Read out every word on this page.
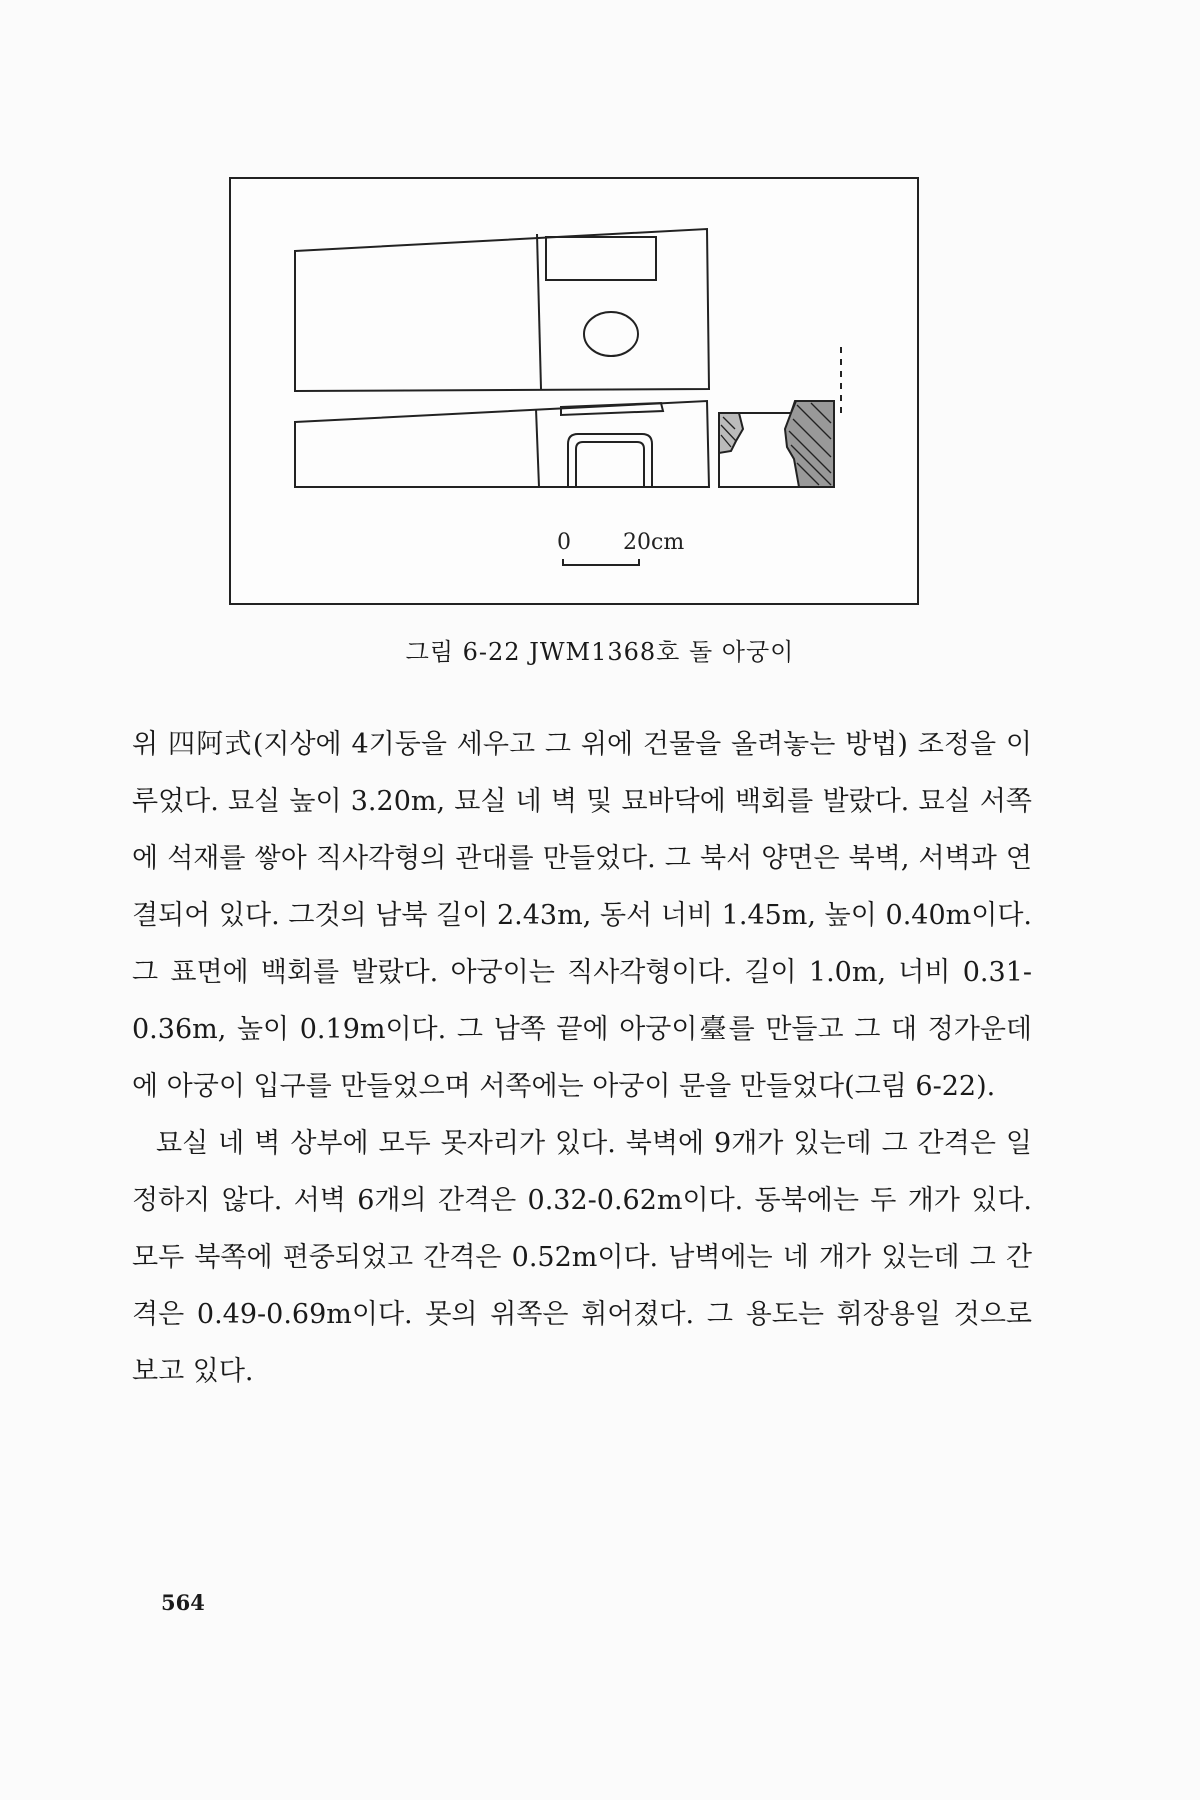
0 20cm
그림 6-22 JWM1368호 돌 아궁이

위 四阿式(지상에 4기둥을 세우고 그 위에 건물을 올려놓는 방법) 조정을 이루었다. 묘실 높이 3.20m, 묘실 네 벽 및 묘바닥에 백회를 발랐다. 묘실 서쪽에 석재를 쌓아 직사각형의 관대를 만들었다. 그 북서 양면은 북벽, 서벽과 연결되어 있다. 그것의 남북 길이 2.43m, 동서 너비 1.45m, 높이 0.40m이다. 그 표면에 백회를 발랐다. 아궁이는 직사각형이다. 길이 1.0m, 너비 0.31-0.36m, 높이 0.19m이다. 그 남쪽 끝에 아궁이臺를 만들고 그 대 정가운데에 아궁이 입구를 만들었으며 서쪽에는 아궁이 문을 만들었다(그림 6-22).

묘실 네 벽 상부에 모두 못자리가 있다. 북벽에 9개가 있는데 그 간격은 일정하지 않다. 서벽 6개의 간격은 0.32-0.62m이다. 동북에는 두 개가 있다. 모두 북쪽에 편중되었고 간격은 0.52m이다. 남벽에는 네 개가 있는데 그 간격은 0.49-0.69m이다. 못의 위쪽은 휘어졌다. 그 용도는 휘장용일 것으로 보고 있다.

564
